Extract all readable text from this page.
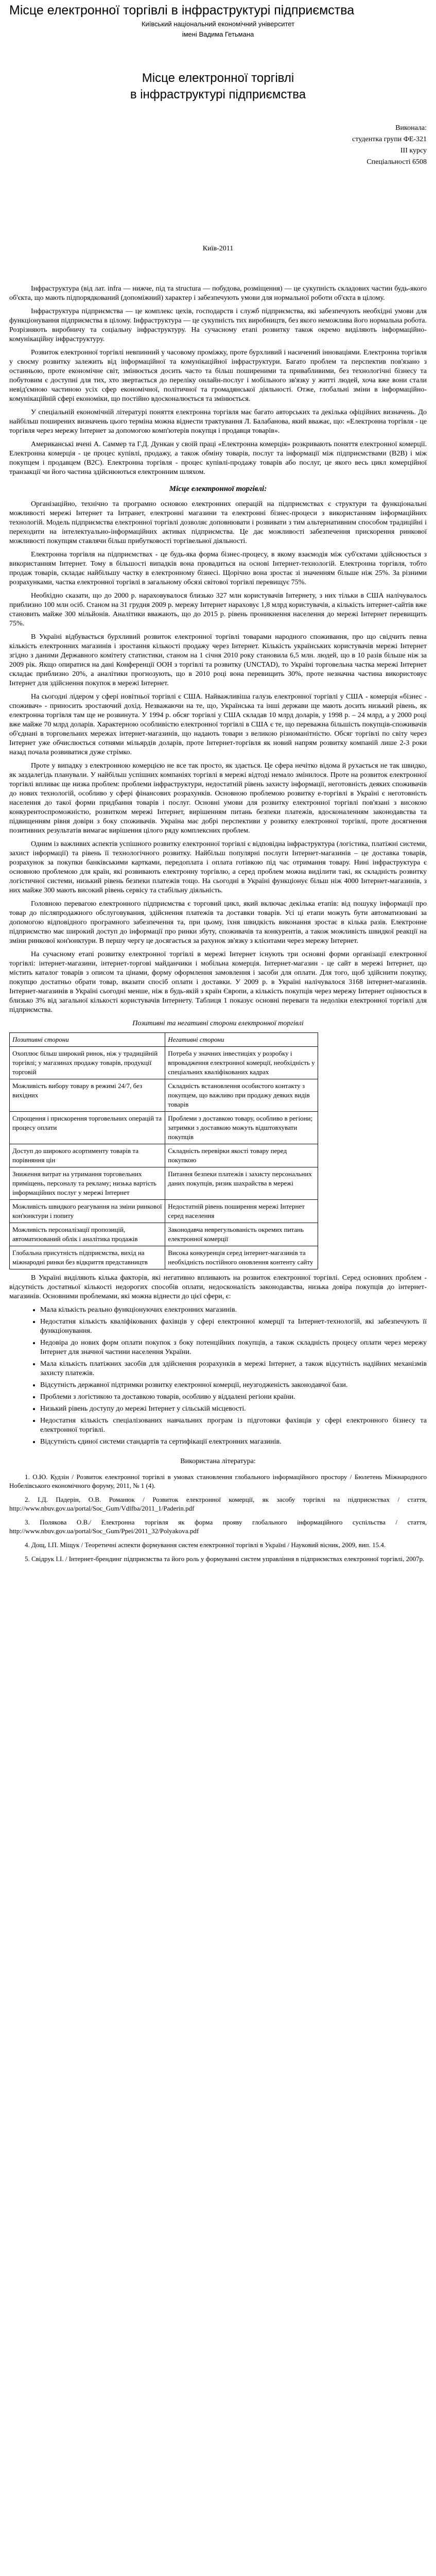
Місце електронної торгівлі в інфраструктурі підприємства
Київський національний економічний університет
імені Вадима Гетьмана
Місце електронної торгівлі
в інфраструктурі підприємства
Виконала:
студентка групи ФЕ-321
III курсу
Спеціальності 6508
Київ-2011

Інфраструктура (від лат. infra — нижче, під та structura — побудова, розміщення) — це сукупність складових частин будь-якого об'єкта, що мають підпорядкований (допоміжний) характер і забезпечують умови для нормальної роботи об'єкта в цілому.

Інфраструктура підприємства — це комплекс цехів, господарств і служб підприємства, які забезпечують необхідні умови для функціонування підприємства в цілому. Інфраструктура — це сукупність тих виробництв, без якого неможлива його нормальна робота. Розрізняють виробничу та соціальну інфраструктуру. На сучасному етапі розвитку також окремо виділяють інформаційно-комунікаційну інфраструктуру.

Розвиток електронної торгівлі невпинний у часовому проміжку, проте бурхливий і насичений інноваціями. Електронна торгівля у своєму розвитку залежить від інформаційної та комунікаційної інфраструктури. Багато проблем та перспектив пов'язано з останньою, проте економічне світ, змінюється досить часто та більш поширеними та привабливими, без технологічні бізнесу та побутовим є доступні для тих, хто звертається до переліку онлайн-послуг і мобільного зв'язку у житті людей, хоча вже вони стали невід'ємною частиною усіх сфер економічної, політичної та громадянської діяльності. Отже, глобальні зміни в інформаційно-комунікаційній сфері економіки, що постійно вдосконалюється та змінюється.

У спеціальній економічній літературі поняття електронна торгівля має багато авторських та декілька офіційних визначень. До найбільш поширених визначень цього терміна можна віднести трактування Л. Балабанова, який вважає, що: «Електронна торгівля - це торгівля через мережу Інтернет за допомогою комп'ютерів покупця і продавця товарів».

Американські вчені А. Саммер та Г.Д. Дункан у своїй праці «Електронна комерція» розкривають поняття електронної комерції. Електронна комерція - це процес купівлі, продажу, а також обміну товарів, послуг та інформації між підприємствами (В2В) і між покупцем і продавцем (B2C). Електронна торгівля - процес купівлі-продажу товарів або послуг, це якого весь цикл комерційної транзакції чи його частина здійснюються електронним шляхом.

Місце електронної торгівлі:

Організаційно, технічно та програмно основою електронних операцій на підприємствах є структури та функціональні можливості мережі Інтернет та Інтранет, електронні магазини та електронні бізнес-процеси з використанням інформаційних технологій. Модель підприємства електронної торгівлі дозволяє доповнювати і розвивати з тим альтернативним способом традиційні і переходити на інтелектуально-інформаційних активах підприємства. Це дає можливості забезпечення прискорення ринкової можливості покупцям ставлячи більш прибутковості торгівельної діяльності.

Електронна торгівля на підприємствах - це будь-яка форма бізнес-процесу, в якому взаємодія між суб'єктами здійснюється з використанням Інтернет. Тому в більшості випадків вона провадиться на основі Інтернет-технологій. Електронна торгівля, тобто продаж товарів, складає найбільшу частку в електронному бізнесі. Щорічно вона зростає зі значенням більше ніж 25%. За різними розрахунками, частка електронної торгівлі в загальному обсязі світової торгівлі перевищує 75%.

Необхідно сказати, що до 2000 р. нараховувалося близько 327 млн користувачів Інтернету, з них тільки в США налічувалось приблизно 100 млн осіб. Станом на 31 грудня 2009 р. мережу Інтернет нараховує 1,8 млрд користувачів, а кількість інтернет-сайтів вже становить майже 300 мільйонів. Аналітики вважають, що до 2015 р. рівень проникнення населення до мережі Інтернет перевищить 75%.

В Україні відбувається бурхливий розвиток електронної торгівлі товарами народного споживання, про що свідчить певна кількість електронних магазинів і зростання кількості продажу через Інтернет. Кількість українських користувачів мережі Інтернет згідно з даними Державного комітету статистики, станом на 1 січня 2010 року становила 6,5 млн. людей, що в 10 разів більше ніж за 2009 рік. Якщо опиратися на дані Конференції ООН з торгівлі та розвитку (UNCTAD), то Україні торговельна частка мережі Інтернет складає приблизно 20%, а аналітики прогнозують, що в 2010 році вона перевищить 30%, проте незначна частина використовує Інтернет для здійснення покупок в мережі Інтернет.

На сьогодні лідером у сфері новітньої торгівлі є США. Найважливіша галузь електронної торгівлі у США - комерція «бізнес - споживач» - приносить зростаючий дохід. Незважаючи на те, що, Українська та інші держави ще мають досить низький рівень, як електронна торгівля там ще не розвинута. У 1994 р. обсяг торгівлі у США складав 10 млрд доларів, у 1998 р. – 24 млрд, а у 2000 році вже майже 70 млрд доларів. Характерною особливістю електронної торгівлі в США є те, що переважна більшість покупців-споживачів об'єднані в торговельних мережах інтернет-магазинів, що надають товари з великою різноманітністю. Обсяг торгівлі по світу через Інтернет уже обчислюється сотнями мільярдів доларів, проте Інтернет-торгівля як новий напрям розвитку компаній лише 2-3 роки назад почала розвиватися дуже стрімко.

Проте у випадку з електронною комерцією не все так просто, як здається. Це сфера нечітко відома й рухається не так швидко, як заздалегідь планували. У найбільш успішних компаніях торгівлі в мережі відтоді немало змінилося. Проте на розвиток електронної торгівлі впливає ще низка проблем: проблеми інфраструктури, недостатній рівень захисту інформації, неготовність деяких споживачів до нових технологій, особливо у сфері фінансових розрахунків. Основною проблемою розвитку е-торгівлі в Україні є неготовність населення до такої форми придбання товарів і послуг. Основні умови для розвитку електронної торгівлі пов'язані з високою конкурентоспроможністю, розвитком мережі Інтернет, вирішенням питань безпеки платежів, вдосконаленням законодавства та підвищенням рівня довіри з боку споживачів. Україна має добрі перспективи у розвитку електронної торгівлі, проте досягнення позитивних результатів вимагає вирішення цілого ряду комплексних проблем.

Одним із важливих аспектів успішного розвитку електронної торгівлі є відповідна інфраструктура (логістика, платіжні системи, захист інформації) та рівень її технологічного розвитку. Найбільш популярні послуги Інтернет-магазинів – це доставка товарів, розрахунок за покупки банківськими картками, передоплата і оплата готівкою під час отримання товару. Нині інфраструктура є основною проблемою для країн, які розвивають електронну торгівлю, а серед проблем можна виділити такі, як складність розвитку логістичної системи, низький рівень безпеки платежів тощо. На сьогодні в Україні функціонує більш ніж 4000 Інтернет-магазинів, з них майже 300 мають високий рівень сервісу та стабільну діяльність.

Головною перевагою електронного підприємства є торговий цикл, який включає декілька етапів: від пошуку інформації про товар до післяпродажного обслуговування, здійснення платежів та доставки товарів. Усі ці етапи можуть бути автоматизовані за допомогою відповідного програмного забезпечення та, при цьому, їхня швидкість виконання зростає в кілька разів. Електронне підприємство має широкий доступ до інформації про ринки збуту, споживачів та конкурентів, а також можливість швидкої реакції на зміни ринкової кон'юнктури. В першу чергу це досягається за рахунок зв'язку з клієнтами через мережу Інтернет.

На сучасному етапі розвитку електронної торгівлі в мережі Інтернет існують три основні форми організації електронної торгівлі: інтернет-магазини, інтернет-торгові майданчики і мобільна комерція. Інтернет-магазин - це сайт в мережі Інтернет, що містить каталог товарів з описом та цінами, форму оформлення замовлення і засоби для оплати. Для того, щоб здійснити покупку, покупцю достатньо обрати товар, вказати спосіб оплати і доставки. У 2009 р. в Україні налічувалося 3168 інтернет-магазинів. Інтернет-магазинів в Україні сьогодні менше, ніж в будь-якій з країн Європи, а кількість покупців через мережу Інтернет оцінюється в близько 3% від загальної кількості користувачів Інтернету. Таблиця 1 показує основні переваги та недоліки електронної торгівлі для підприємства.

Позитивні та негативні сторони електронної торгівлі
Позитивні сторони	Негативні сторони
Охоплює більш широкий ринок, ніж у традиційній торгівлі; у магазинах продажу товарів, продукції торговій	Потреба у значних інвестиціях у розробку і впровадження електронної комерції, необхідність у спеціальних кваліфікованих кадрах
Можливість вибору товару в режимі 24/7, без вихідних	Складність встановлення особистого контакту з покупцем, що важливо при продажу деяких видів товарів
Спрощення і прискорення торговельних операцій та процесу оплати	Проблеми з доставкою товару, особливо в регіони; затримки з доставкою можуть відштовхувати покупців
Доступ до широкого асортименту товарів та порівняння цін	Складність перевірки якості товару перед покупкою
Зниження витрат на утримання торговельних приміщень, персоналу та рекламу; низька вартість інформаційних послуг у мережі Інтернет	Питання безпеки платежів і захисту персональних даних покупців, ризик шахрайства в мережі
Можливість швидкого реагування на зміни ринкової кон'юнктури і попиту	Недостатній рівень поширення мережі Інтернет серед населення
Можливість персоналізації пропозицій, автоматизований облік і аналітика продажів	Законодавча неврегульованість окремих питань електронної комерції
Глобальна присутність підприємства, вихід на міжнародні ринки без відкриття представництв	Висока конкуренція серед інтернет-магазинів та необхідність постійного оновлення контенту сайту

В Україні виділяють кілька факторів, які негативно впливають на розвиток електронної торгівлі. Серед основних проблем - відсутність достатньої кількості недорогих способів оплати, недосконалість законодавства, низька довіра покупців до інтернет-магазинів. Основними проблемами, які можна віднести до цієї сфери, є:

• Мала кількість реально функціонуючих електронних магазинів.
• Недостатня кількість кваліфікованих фахівців у сфері електронної комерції та Інтернет-технологій, які забезпечують її функціонування.
• Недовіра до нових форм оплати покупок з боку потенційних покупців, а також складність процесу оплати через мережу Інтернет для значної частини населення України.
• Мала кількість платіжних засобів для здійснення розрахунків в мережі Інтернет, а також відсутність надійних механізмів захисту платежів.
• Відсутність державної підтримки розвитку електронної комерції, неузгодженість законодавчої бази.
• Проблеми з логістикою та доставкою товарів, особливо у віддалені регіони країни.
• Низький рівень доступу до мережі Інтернет у сільській місцевості.
• Недостатня кількість спеціалізованих навчальних програм із підготовки фахівців у сфері електронного бізнесу та електронної торгівлі.
• Відсутність єдиної системи стандартів та сертифікації електронних магазинів.
Використана література:
1. О.Ю. Кудзін / Розвиток електронної торгівлі в умовах становлення глобального інформаційного простору / Бюлетень Міжнародного Нобелівського економічного форуму, 2011, № 1 (4).
2. І.Д. Падерін, О.В. Романюк / Розвиток електронної комерції, як засобу торгівлі на підприємствах / стаття, http://www.nbuv.gov.ua/portal/Soc_Gum/Vdlfba/2011_1/Paderin.pdf
3. Полякова О.В./ Електронна торгівля як форма прояву глобального інформаційного суспільства / стаття, http://www.nbuv.gov.ua/portal/Soc_Gum/Ppei/2011_32/Polyakova.pdf
4. Дощ, І.П. Міщук / Теоретичні аспекти формування систем електронної торгівлі в Україні / Науковий вісник, 2009, вип. 15.4.
5. Свідрук І.І. / Інтернет-брендинг підприємства та його роль у формуванні систем управління в підприємствах електронної торгівлі, 2007р.
